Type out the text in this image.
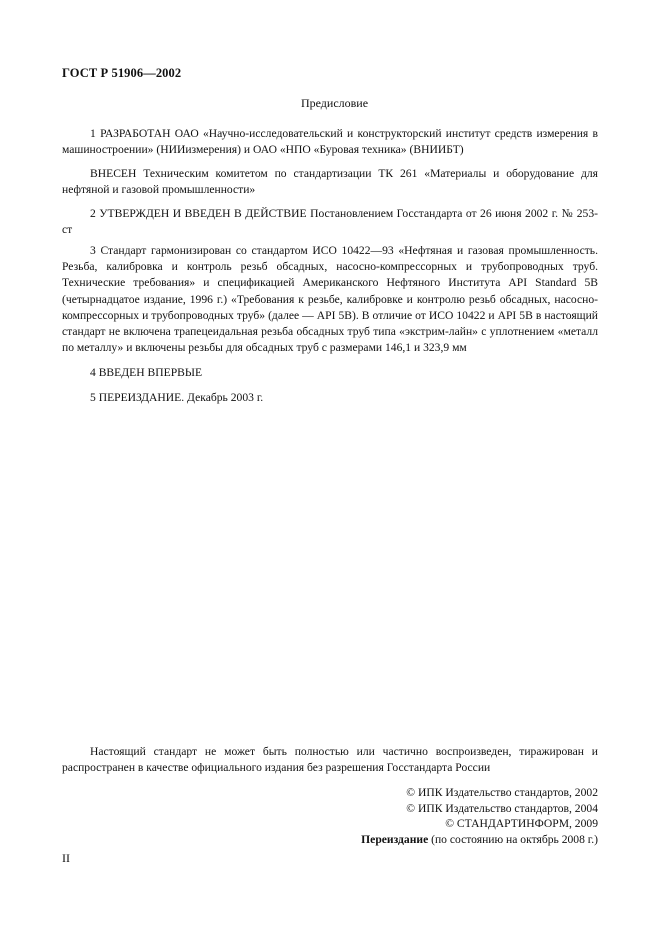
ГОСТ Р 51906—2002
Предисловие
1 РАЗРАБОТАН ОАО «Научно-исследовательский и конструкторский институт средств измерения в машиностроении» (НИИизмерения) и ОАО «НПО «Буровая техника» (ВНИИБТ)
ВНЕСЕН Техническим комитетом по стандартизации ТК 261 «Материалы и оборудование для нефтяной и газовой промышленности»
2 УТВЕРЖДЕН И ВВЕДЕН В ДЕЙСТВИЕ Постановлением Госстандарта от 26 июня 2002 г. № 253-ст
3 Стандарт гармонизирован со стандартом ИСО 10422—93 «Нефтяная и газовая промышленность. Резьба, калибровка и контроль резьб обсадных, насосно-компрессорных и трубопроводных труб. Технические требования» и спецификацией Американского Нефтяного Института API Standard 5B (четырнадцатое издание, 1996 г.) «Требования к резьбе, калибровке и контролю резьб обсадных, насосно-компрессорных и трубопроводных труб» (далее — API 5B). В отличие от ИСО 10422 и API 5B в настоящий стандарт не включена трапецеидальная резьба обсадных труб типа «экстрим-лайн» с уплотнением «металл по металлу» и включены резьбы для обсадных труб с размерами 146,1 и 323,9 мм
4 ВВЕДЕН ВПЕРВЫЕ
5 ПЕРЕИЗДАНИЕ. Декабрь 2003 г.
Настоящий стандарт не может быть полностью или частично воспроизведен, тиражирован и распространен в качестве официального издания без разрешения Госстандарта России
© ИПК Издательство стандартов, 2002
© ИПК Издательство стандартов, 2004
© СТАНДАРТИНФОРМ, 2009
Переиздание (по состоянию на октябрь 2008 г.)
II
